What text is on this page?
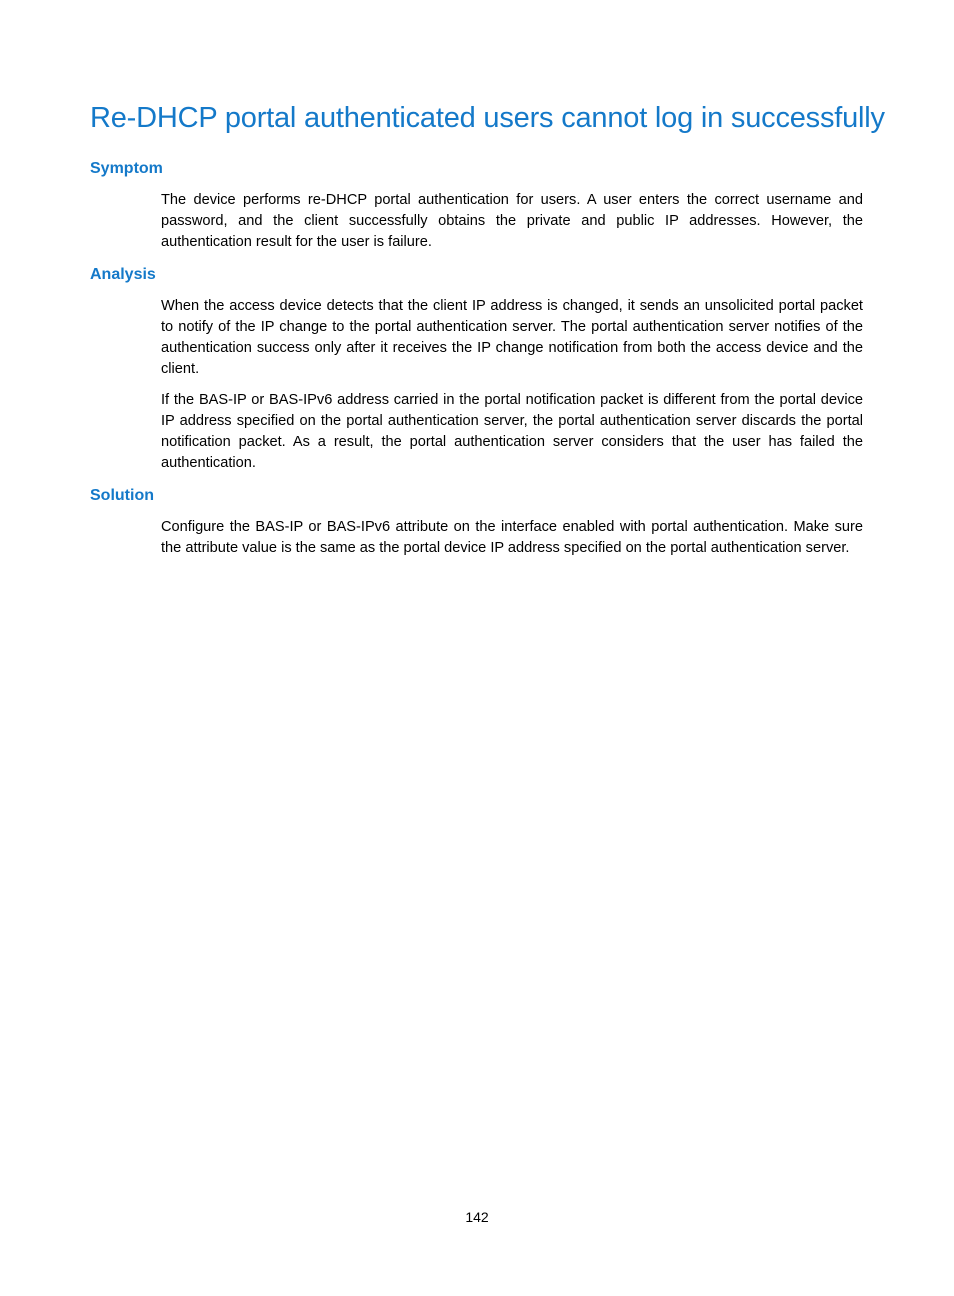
Re-DHCP portal authenticated users cannot log in successfully
Symptom

The device performs re-DHCP portal authentication for users. A user enters the correct username and password, and the client successfully obtains the private and public IP addresses. However, the authentication result for the user is failure.

Analysis

When the access device detects that the client IP address is changed, it sends an unsolicited portal packet to notify of the IP change to the portal authentication server. The portal authentication server notifies of the authentication success only after it receives the IP change notification from both the access device and the client.

If the BAS-IP or BAS-IPv6 address carried in the portal notification packet is different from the portal device IP address specified on the portal authentication server, the portal authentication server discards the portal notification packet. As a result, the portal authentication server considers that the user has failed the authentication.

Solution

Configure the BAS-IP or BAS-IPv6 attribute on the interface enabled with portal authentication. Make sure the attribute value is the same as the portal device IP address specified on the portal authentication server.

142
